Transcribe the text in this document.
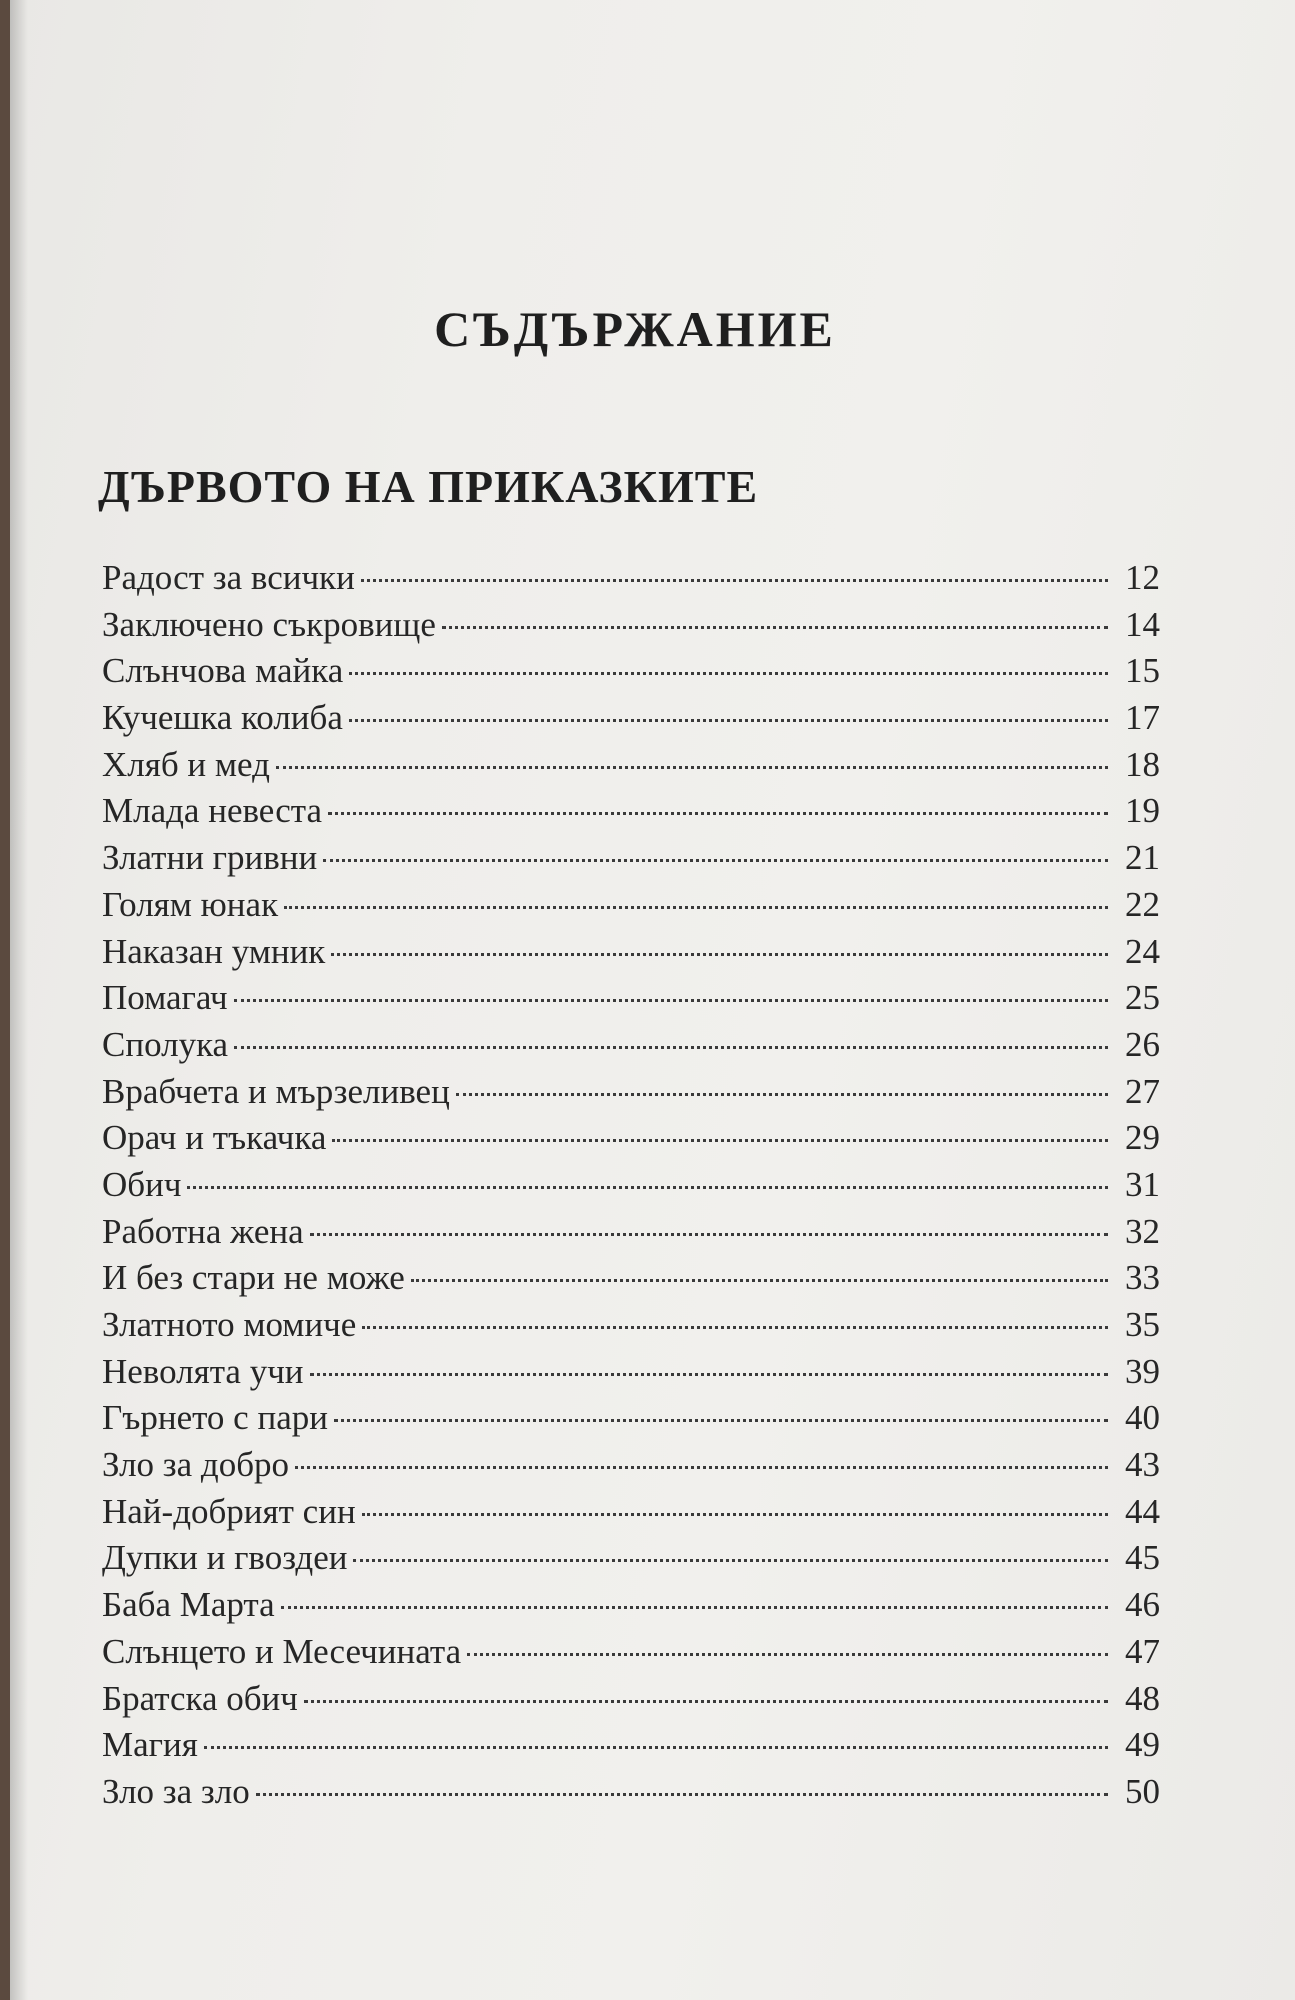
СЪДЪРЖАНИЕ
ДЪРВОТО НА ПРИКАЗКИТЕ
Радост за всички	12
Заключено съкровище	14
Слънчова майка	15
Кучешка колиба	17
Хляб и мед	18
Млада невеста	19
Златни гривни	21
Голям юнак	22
Наказан умник	24
Помагач	25
Сполука	26
Врабчета и мързеливец	27
Орач и тъкачка	29
Обич	31
Работна жена	32
И без стари не може	33
Златното момиче	35
Неволята учи	39
Гърнето с пари	40
Зло за добро	43
Най-добрият син	44
Дупки и гвоздеи	45
Баба Марта	46
Слънцето и Месечината	47
Братска обич	48
Магия	49
Зло за зло	50
